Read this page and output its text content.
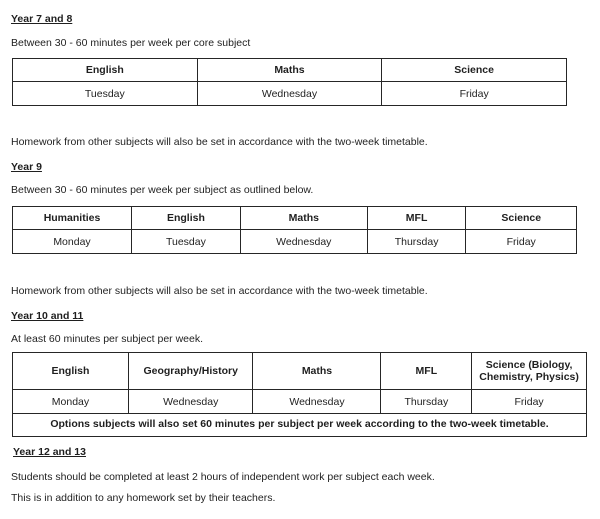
Year 7 and 8

Between 30 - 60 minutes per week per core subject

English	Maths	Science
Tuesday	Wednesday	Friday

Homework from other subjects will also be set in accordance with the two-week timetable.

Year 9

Between 30 - 60 minutes per week per subject as outlined below.

Humanities	English	Maths	MFL	Science
Monday	Tuesday	Wednesday	Thursday	Friday

Homework from other subjects will also be set in accordance with the two-week timetable.

Year 10 and 11

At least 60 minutes per subject per week.

English	Geography/History	Maths	MFL	Science (Biology, Chemistry, Physics)
Monday	Wednesday	Wednesday	Thursday	Friday
Options subjects will also set 60 minutes per subject per week according to the two-week timetable.				
Year 12 and 13

Students should be completed at least 2 hours of independent work per subject each week.

This is in addition to any homework set by their teachers.
